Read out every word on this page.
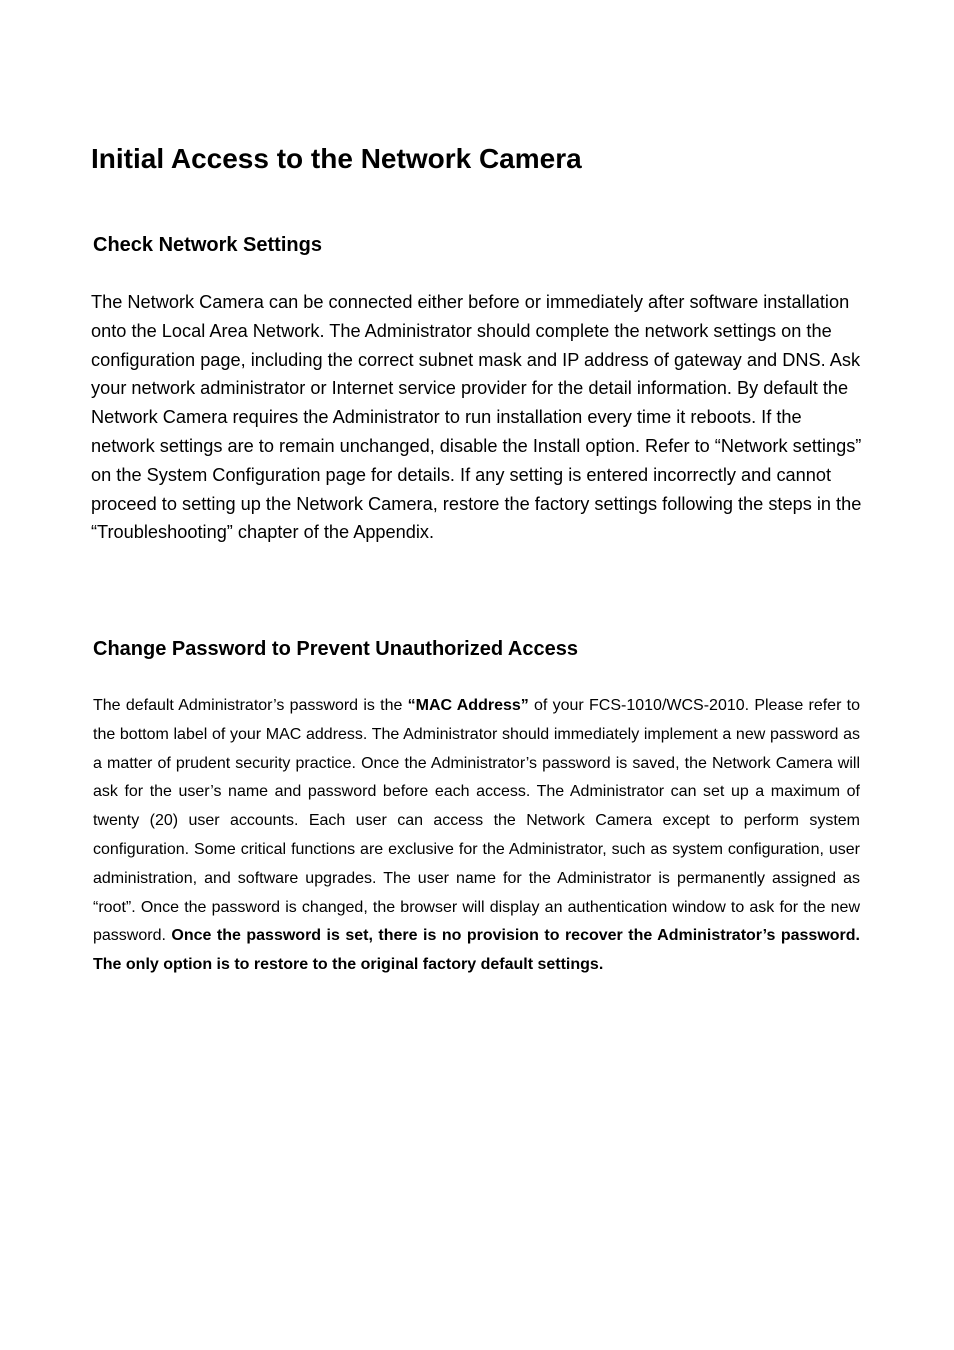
Initial Access to the Network Camera
Check Network Settings

The Network Camera can be connected either before or immediately after software installation onto the Local Area Network. The Administrator should complete the network settings on the configuration page, including the correct subnet mask and IP address of gateway and DNS. Ask your network administrator or Internet service provider for the detail information. By default the Network Camera requires the Administrator to run installation every time it reboots. If the network settings are to remain unchanged, disable the Install option. Refer to “Network settings” on the System Configuration page for details. If any setting is entered incorrectly and cannot proceed to setting up the Network Camera, restore the factory settings following the steps in the “Troubleshooting” chapter of the Appendix.

Change Password to Prevent Unauthorized Access

The default Administrator’s password is the “MAC Address” of your FCS-1010/WCS-2010. Please refer to the bottom label of your MAC address. The Administrator should immediately implement a new password as a matter of prudent security practice. Once the Administrator’s password is saved, the Network Camera will ask for the user’s name and password before each access. The Administrator can set up a maximum of twenty (20) user accounts. Each user can access the Network Camera except to perform system configuration. Some critical functions are exclusive for the Administrator, such as system configuration, user administration, and software upgrades. The user name for the Administrator is permanently assigned as “root”. Once the password is changed, the browser will display an authentication window to ask for the new password. Once the password is set, there is no provision to recover the Administrator’s password. The only option is to restore to the original factory default settings.
